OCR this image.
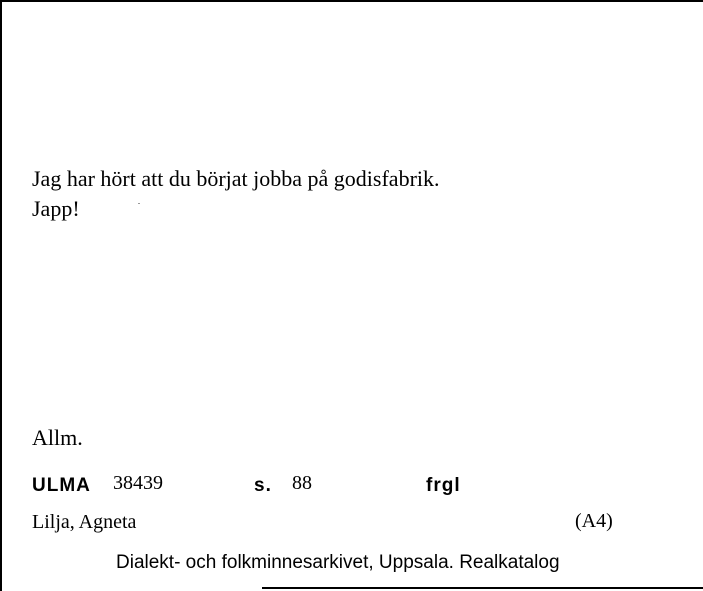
Jag har hört att du börjat jobba på godisfabrik.
Japp!
Allm.
ULMA 38439	s. 88	frgl
Lilja, Agneta	(A4)
Dialekt- och folkminnesarkivet, Uppsala. Realkatalog
